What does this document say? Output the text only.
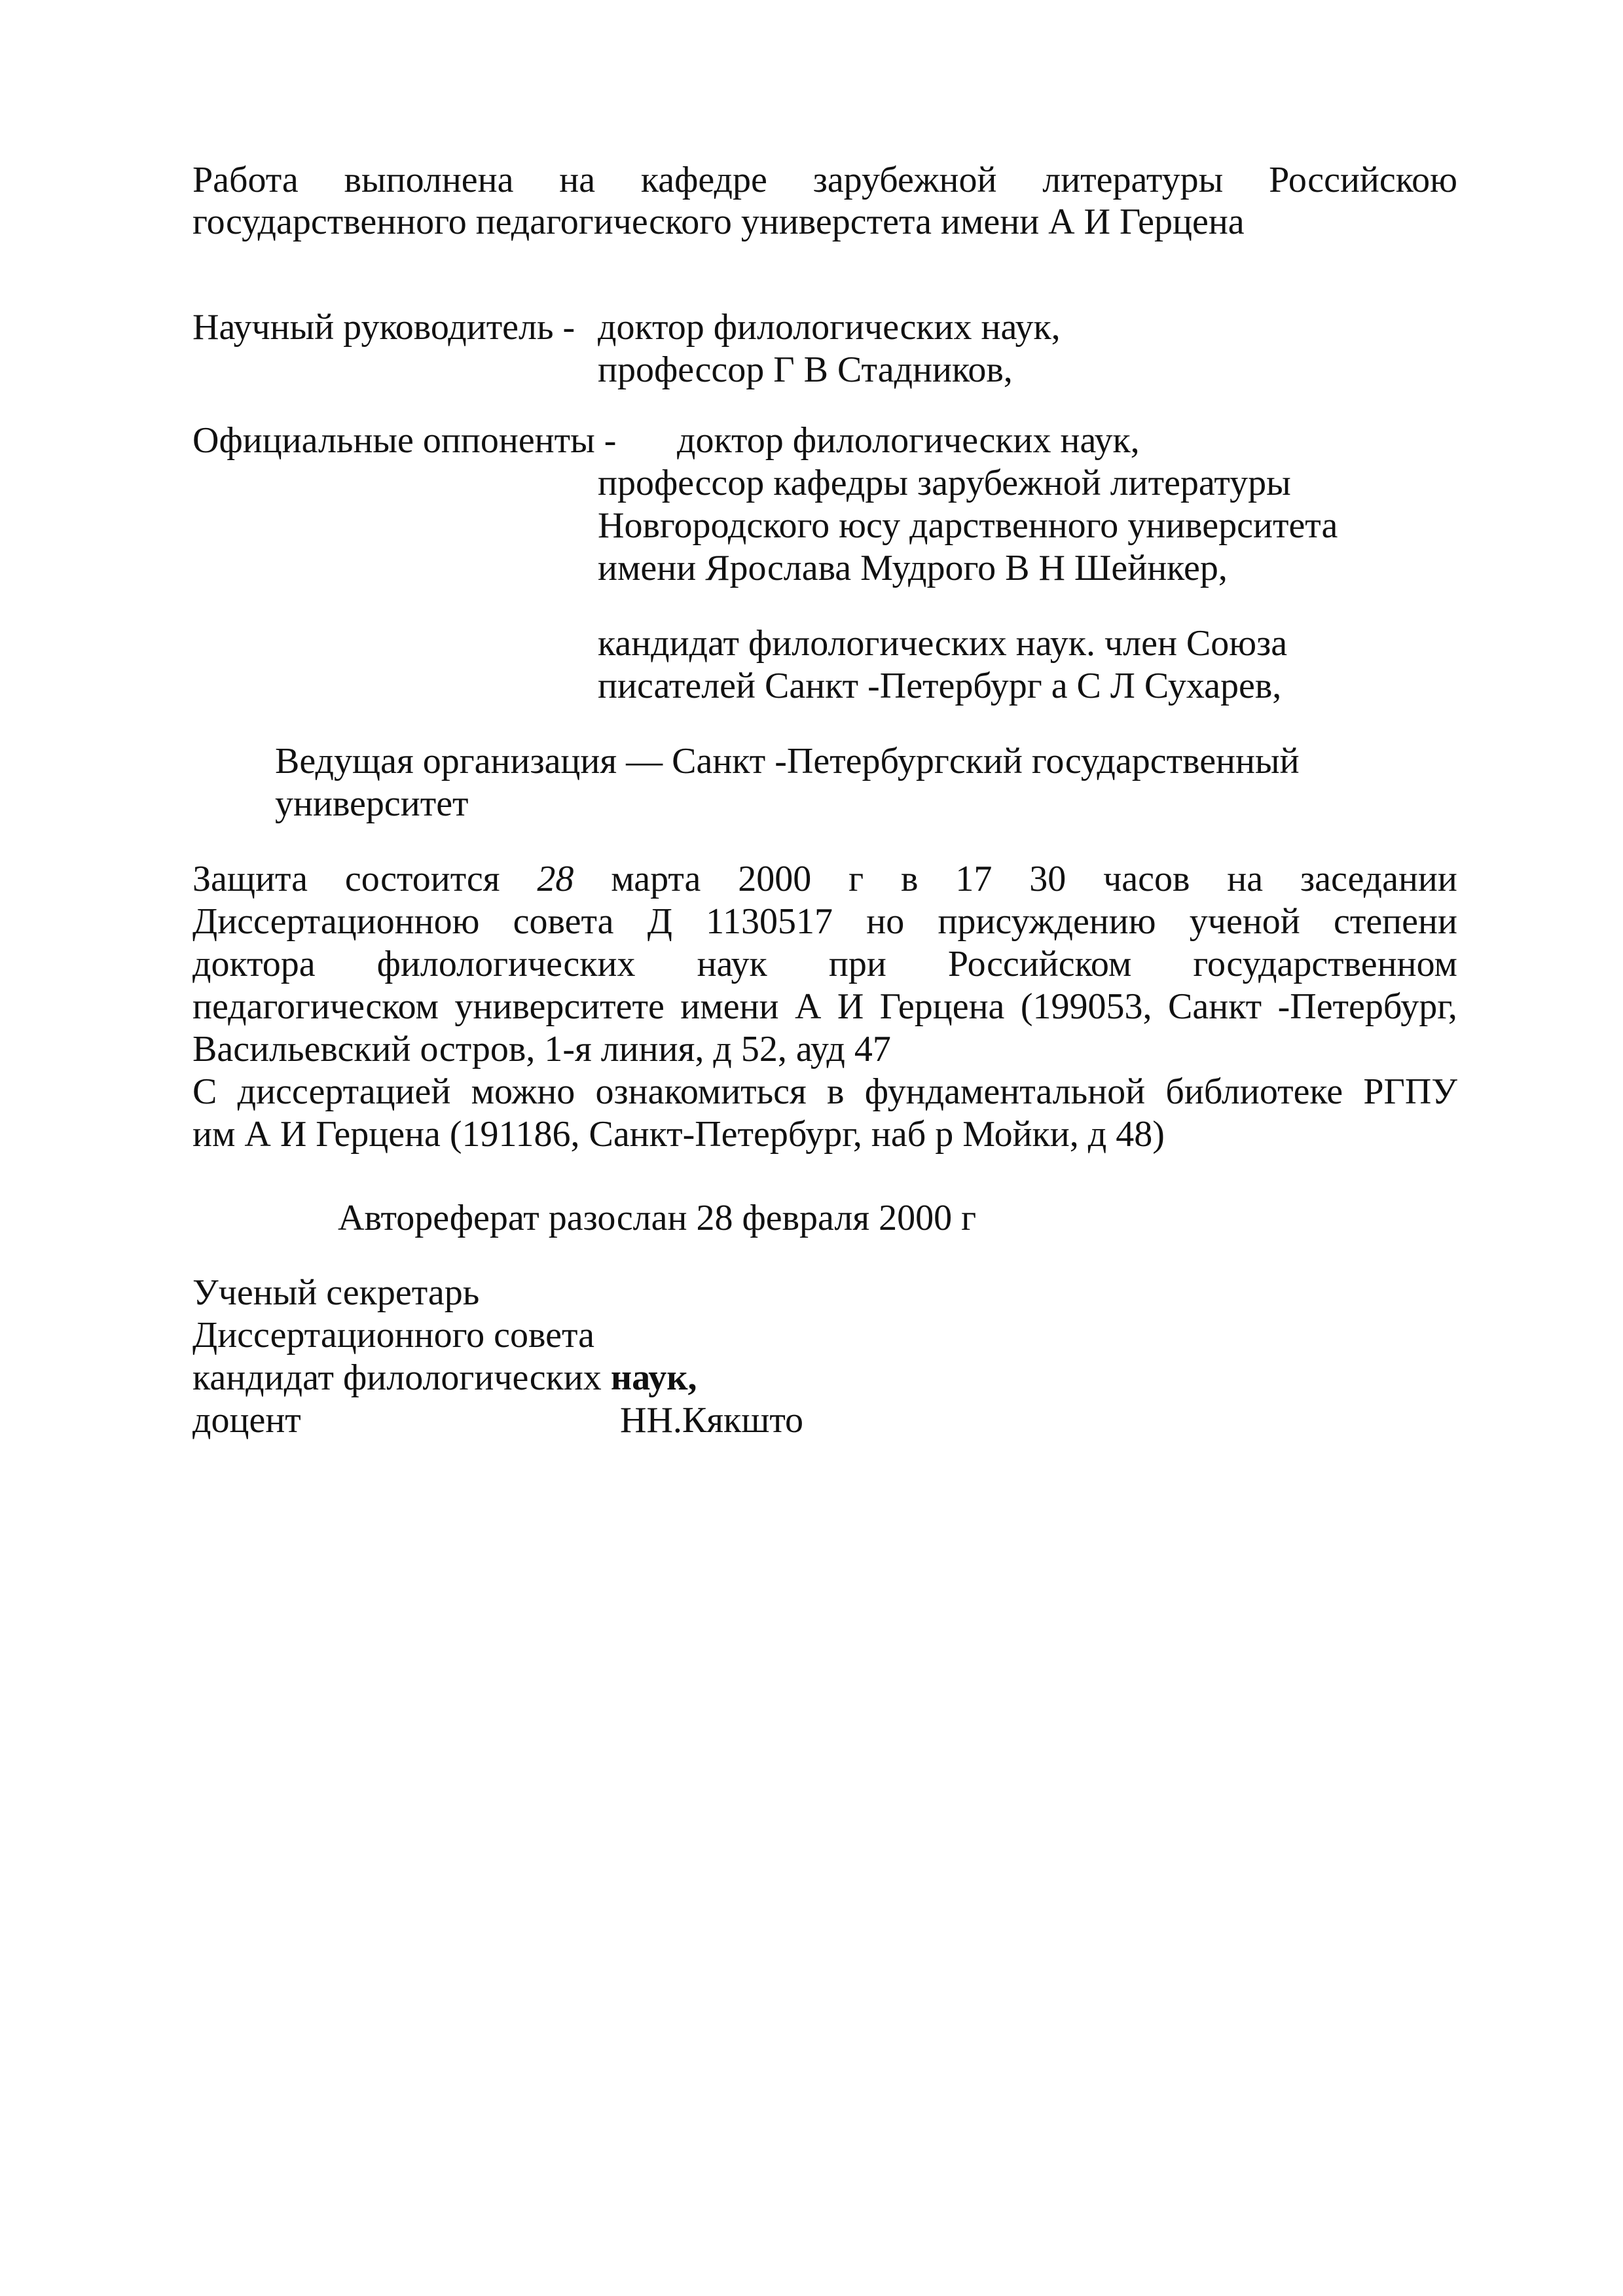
Работа выполнена на кафедре зарубежной литературы Российскою
государственного педагогического универстета имени А И Герцена
Научный руководитель - доктор филологических наук,
профессор Г В Стадников,
Официальные оппоненты - доктор филологических наук,
профессор кафедры зарубежной литературы
Новгородского юсу дарственного университета
имени Ярослава Мудрого В Н Шейнкер,
кандидат филологических наук. член Союза
писателей Санкт -Петербург а С Л Сухарев,
Ведущая организация — Санкт -Петербургский государственный
университет
Защита состоится 28 марта 2000 г в 17 30 часов на заседании
Диссертационною совета Д 1130517 но присуждению ученой степени
доктора филологических наук при Российском государственном
педагогическом университете имени А И Герцена (199053, Санкт -Петербург,
Васильевский остров, 1-я линия, д 52, ауд 47
С диссертацией можно ознакомиться в фундаментальной библиотеке РГПУ
им А И Герцена (191186, Санкт-Петербург, наб р Мойки, д 48)
Автореферат разослан 28 февраля 2000 г
Ученый секретарь
Диссертационного совета
кандидат филологических наук,
доцент	НН.Кякшто
